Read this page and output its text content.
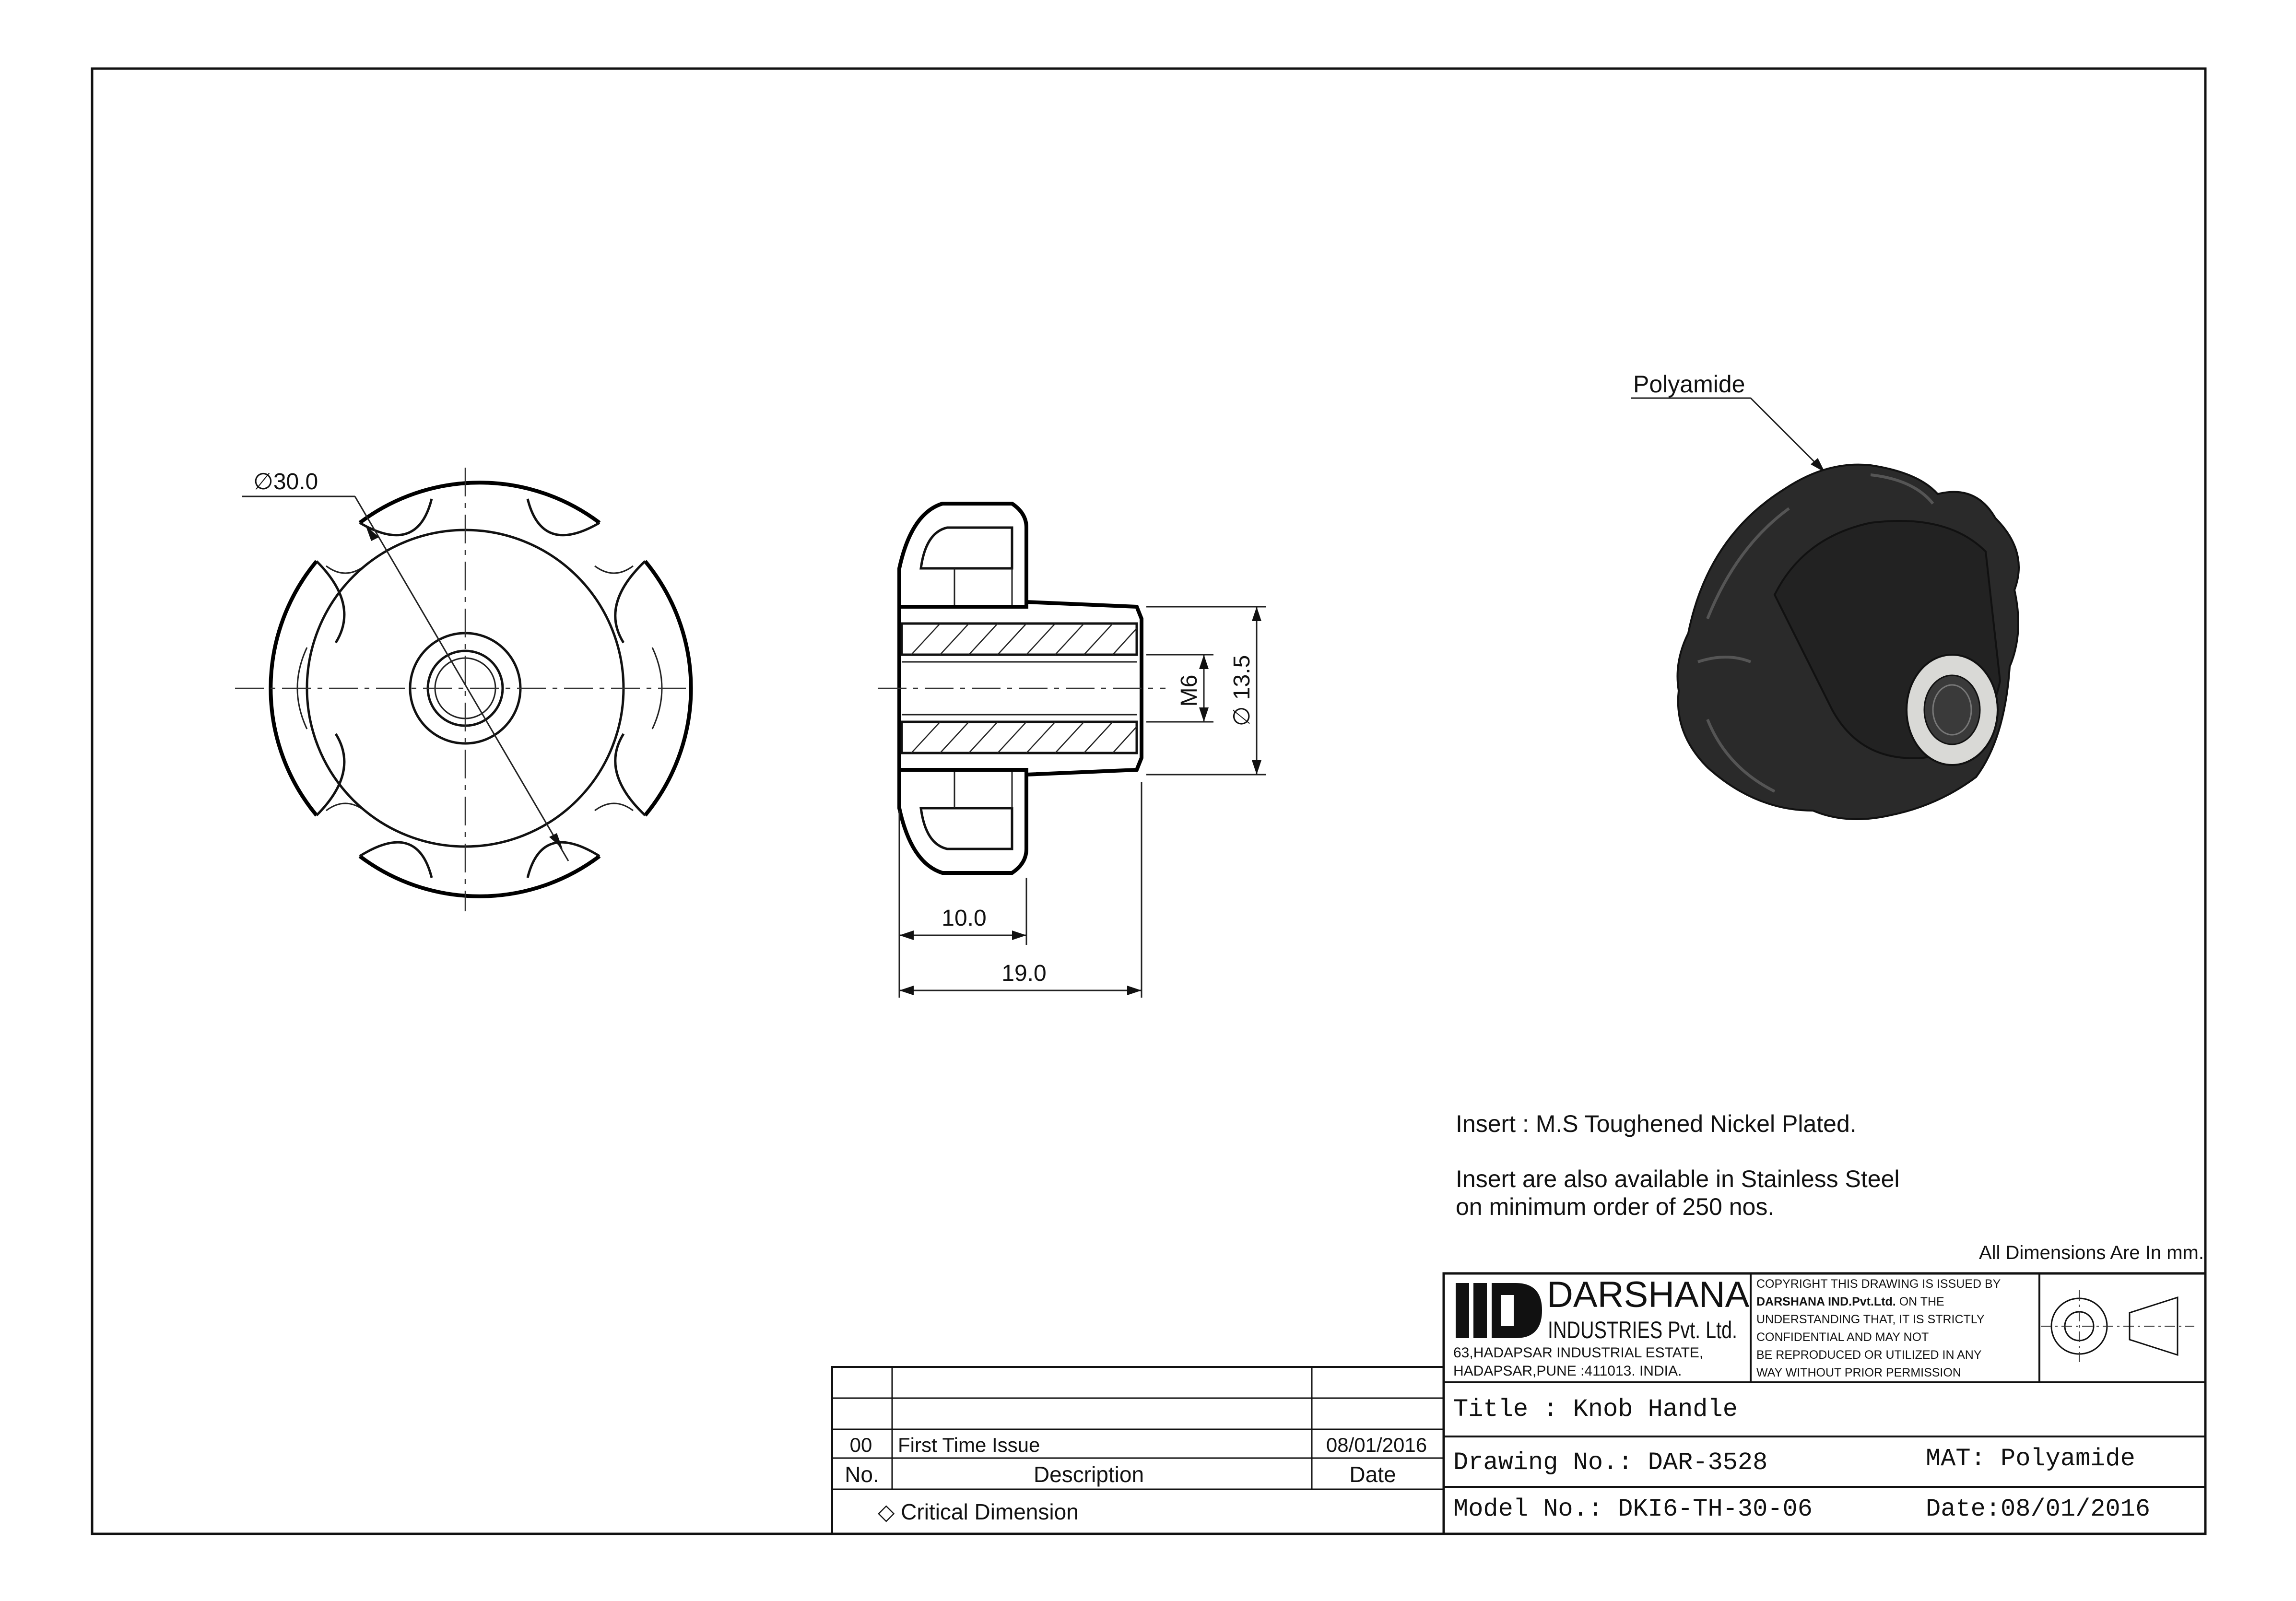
∅30.0
M6 ∅ 13.5
10.0
19.0
Polyamide
Insert : M.S Toughened Nickel Plated.
Insert are also available in Stainless Steel
on minimum order of 250 nos.
All Dimensions Are In mm.
DARSHANA
INDUSTRIES Pvt. Ltd.
63,HADAPSAR INDUSTRIAL ESTATE,
HADAPSAR,PUNE :411013. INDIA.
COPYRIGHT THIS DRAWING IS ISSUED BY
DARSHANA IND.Pvt.Ltd. ON THE
UNDERSTANDING THAT, IT IS STRICTLY
CONFIDENTIAL AND MAY NOT
BE REPRODUCED OR UTILIZED IN ANY
WAY WITHOUT PRIOR PERMISSION
Title : Knob Handle
Drawing No.: DAR-3528	MAT: Polyamide
Model No.: DKI6-TH-30-06	Date:08/01/2016
00 First Time Issue	08/01/2016
No.	Description	Date
◇ Critical Dimension
